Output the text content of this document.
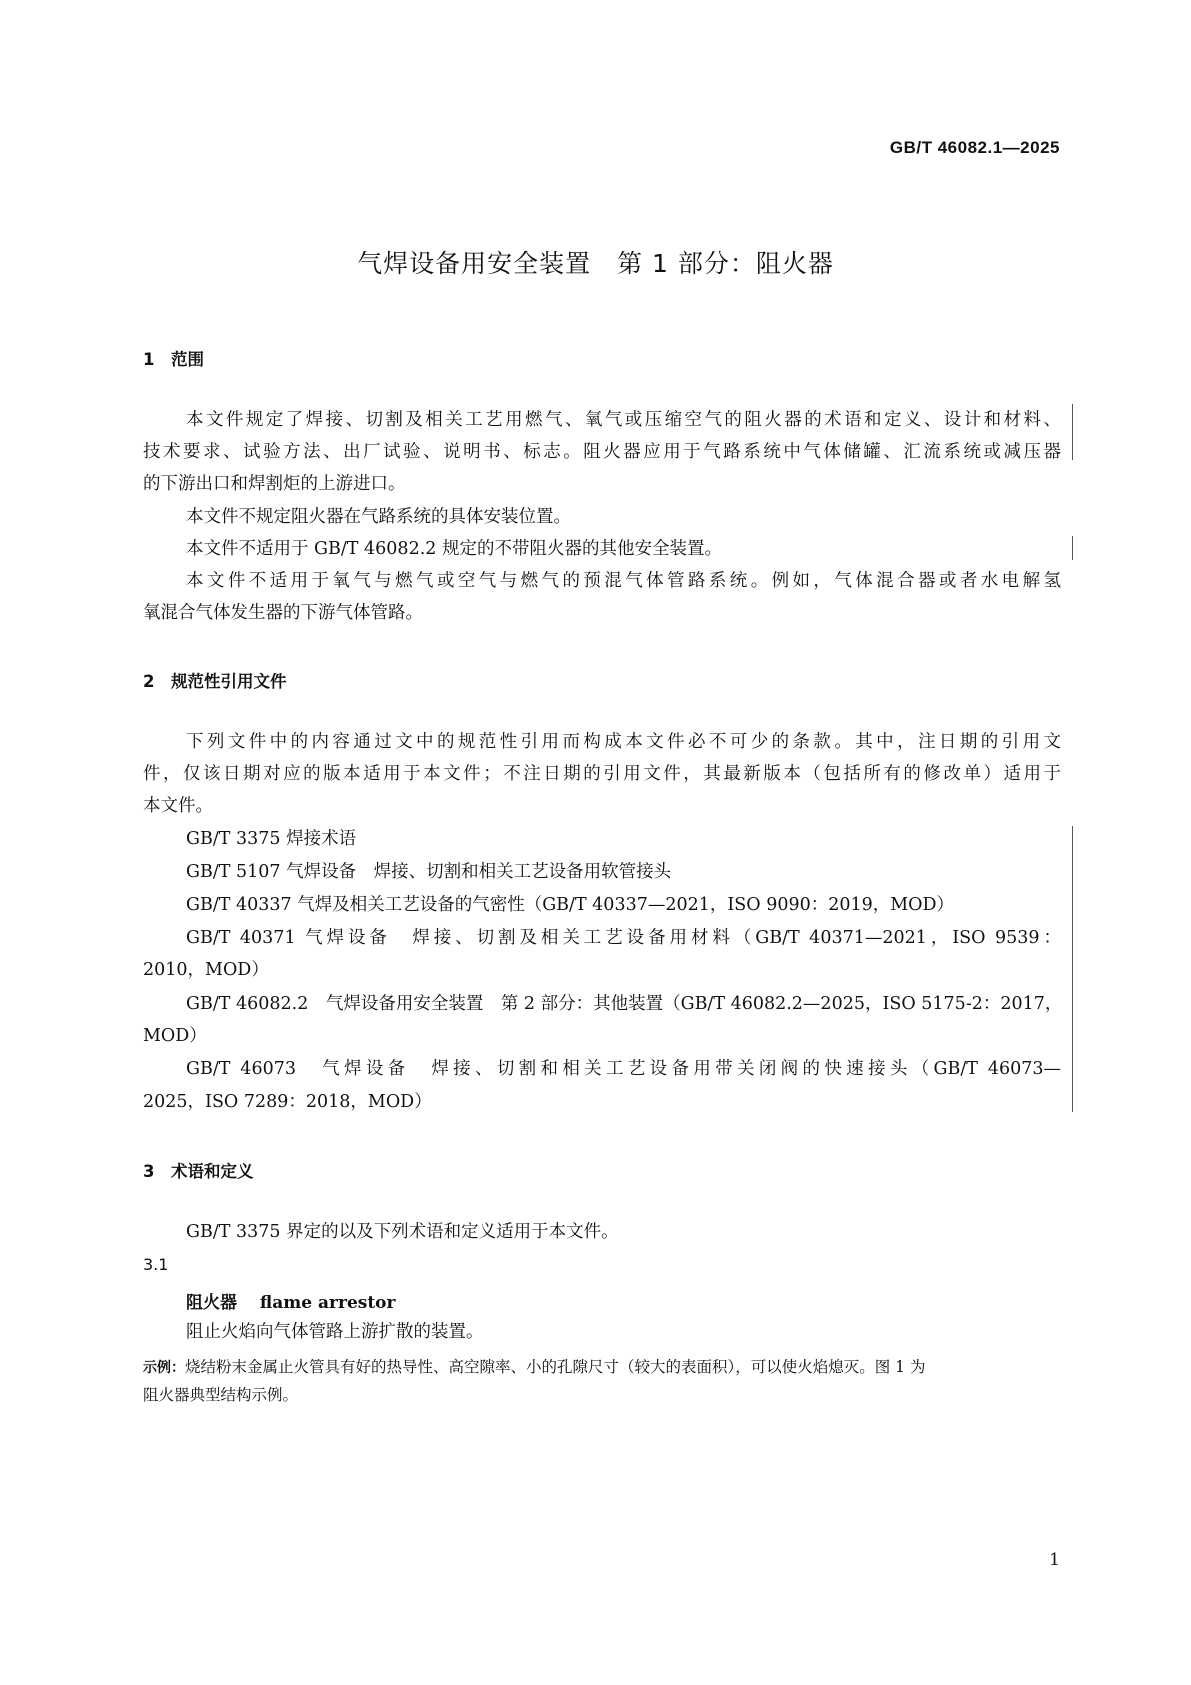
GB/T 46082.1—2025
气焊设备用安全装置　第 1 部分：阻火器
1 范围
本文件规定了焊接、切割及相关工艺用燃气、氧气或压缩空气的阻火器的术语和定义、设计和材料、
技术要求、试验方法、出厂试验、说明书、标志。阻火器应用于气路系统中气体储罐、汇流系统或减压器
的下游出口和焊割炬的上游进口。
本文件不规定阻火器在气路系统的具体安装位置。
本文件不适用于 GB/T 46082.2 规定的不带阻火器的其他安全装置。
本文件不适用于氧气与燃气或空气与燃气的预混气体管路系统。例如，气体混合器或者水电解氢
氧混合气体发生器的下游气体管路。
2 规范性引用文件
下列文件中的内容通过文中的规范性引用而构成本文件必不可少的条款。其中，注日期的引用文
件，仅该日期对应的版本适用于本文件；不注日期的引用文件，其最新版本（包括所有的修改单）适用于
本文件。
GB/T 3375 焊接术语
GB/T 5107 气焊设备　焊接、切割和相关工艺设备用软管接头
GB/T 40337 气焊及相关工艺设备的气密性（GB/T 40337—2021，ISO 9090：2019，MOD）
GB/T 40371 气焊设备　焊接、切割及相关工艺设备用材料（GB/T 40371—2021，ISO 9539：
2010，MOD）
GB/T 46082.2　气焊设备用安全装置　第 2 部分：其他装置（GB/T 46082.2—2025，ISO 5175-2：2017，
MOD）
GB/T 46073　气焊设备　焊接、切割和相关工艺设备用带关闭阀的快速接头（GB/T 46073—
2025，ISO 7289：2018，MOD）
3 术语和定义
GB/T 3375 界定的以及下列术语和定义适用于本文件。
3.1
阻火器　 flame arrestor
阻止火焰向气体管路上游扩散的装置。
示例：烧结粉末金属止火管具有好的热导性、高空隙率、小的孔隙尺寸（较大的表面积），可以使火焰熄灭。图 1 为
阻火器典型结构示例。
1
